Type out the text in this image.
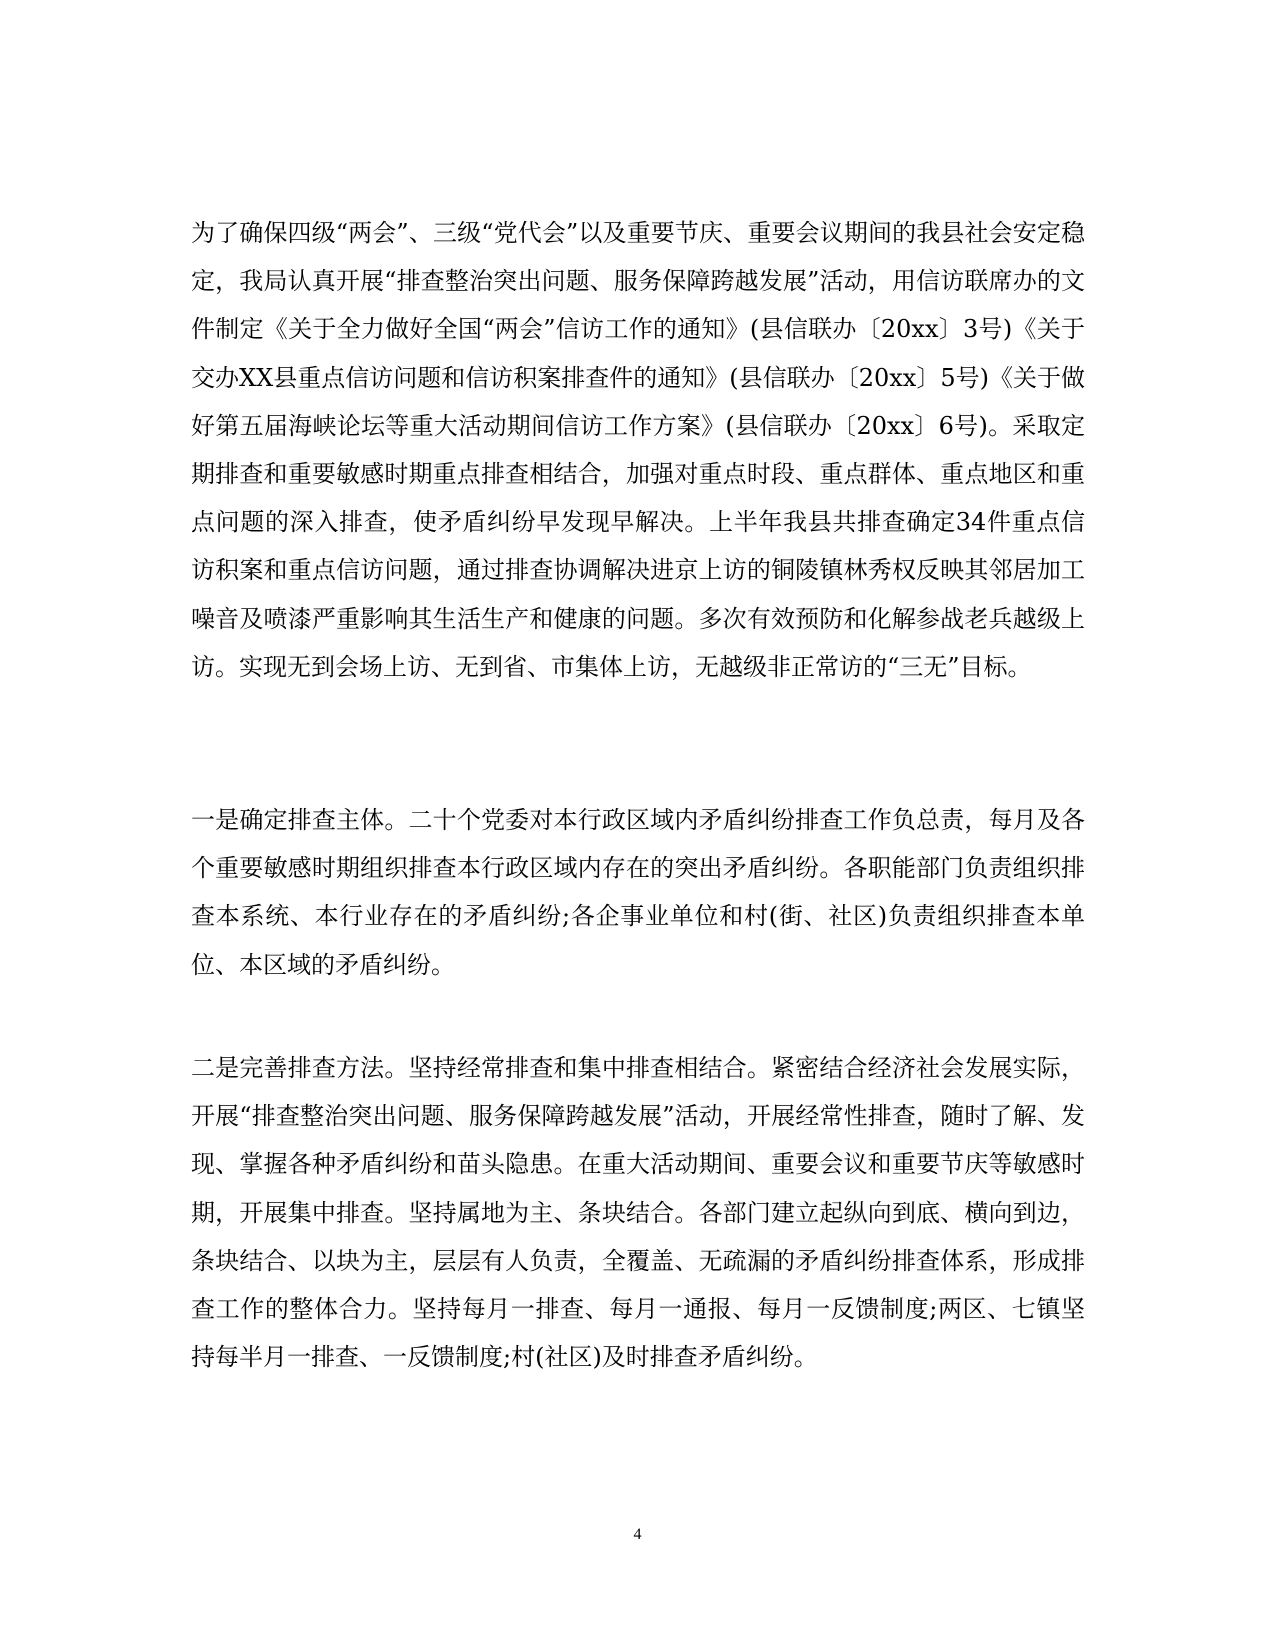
为了确保四级“两会”、三级“党代会”以及重要节庆、重要会议期间的我县社会安定稳定，我局认真开展“排查整治突出问题、服务保障跨越发展”活动，用信访联席办的文件制定《关于全力做好全国“两会”信访工作的通知》(县信联办〔20xx〕3号)《关于交办XX县重点信访问题和信访积案排查件的通知》(县信联办〔20xx〕5号)《关于做好第五届海峡论坛等重大活动期间信访工作方案》(县信联办〔20xx〕6号)。采取定期排查和重要敏感时期重点排查相结合，加强对重点时段、重点群体、重点地区和重点问题的深入排查，使矛盾纠纷早发现早解决。上半年我县共排查确定34件重点信访积案和重点信访问题，通过排查协调解决进京上访的铜陵镇林秀权反映其邻居加工噪音及喷漆严重影响其生活生产和健康的问题。多次有效预防和化解参战老兵越级上访。实现无到会场上访、无到省、市集体上访，无越级非正常访的“三无”目标。

一是确定排查主体。二十个党委对本行政区域内矛盾纠纷排查工作负总责，每月及各个重要敏感时期组织排查本行政区域内存在的突出矛盾纠纷。各职能部门负责组织排查本系统、本行业存在的矛盾纠纷;各企事业单位和村(街、社区)负责组织排查本单位、本区域的矛盾纠纷。

二是完善排查方法。坚持经常排查和集中排查相结合。紧密结合经济社会发展实际，开展“排查整治突出问题、服务保障跨越发展”活动，开展经常性排查，随时了解、发现、掌握各种矛盾纠纷和苗头隐患。在重大活动期间、重要会议和重要节庆等敏感时期，开展集中排查。坚持属地为主、条块结合。各部门建立起纵向到底、横向到边，条块结合、以块为主，层层有人负责，全覆盖、无疏漏的矛盾纠纷排查体系，形成排查工作的整体合力。坚持每月一排查、每月一通报、每月一反馈制度;两区、七镇坚持每半月一排查、一反馈制度;村(社区)及时排查矛盾纠纷。

4
